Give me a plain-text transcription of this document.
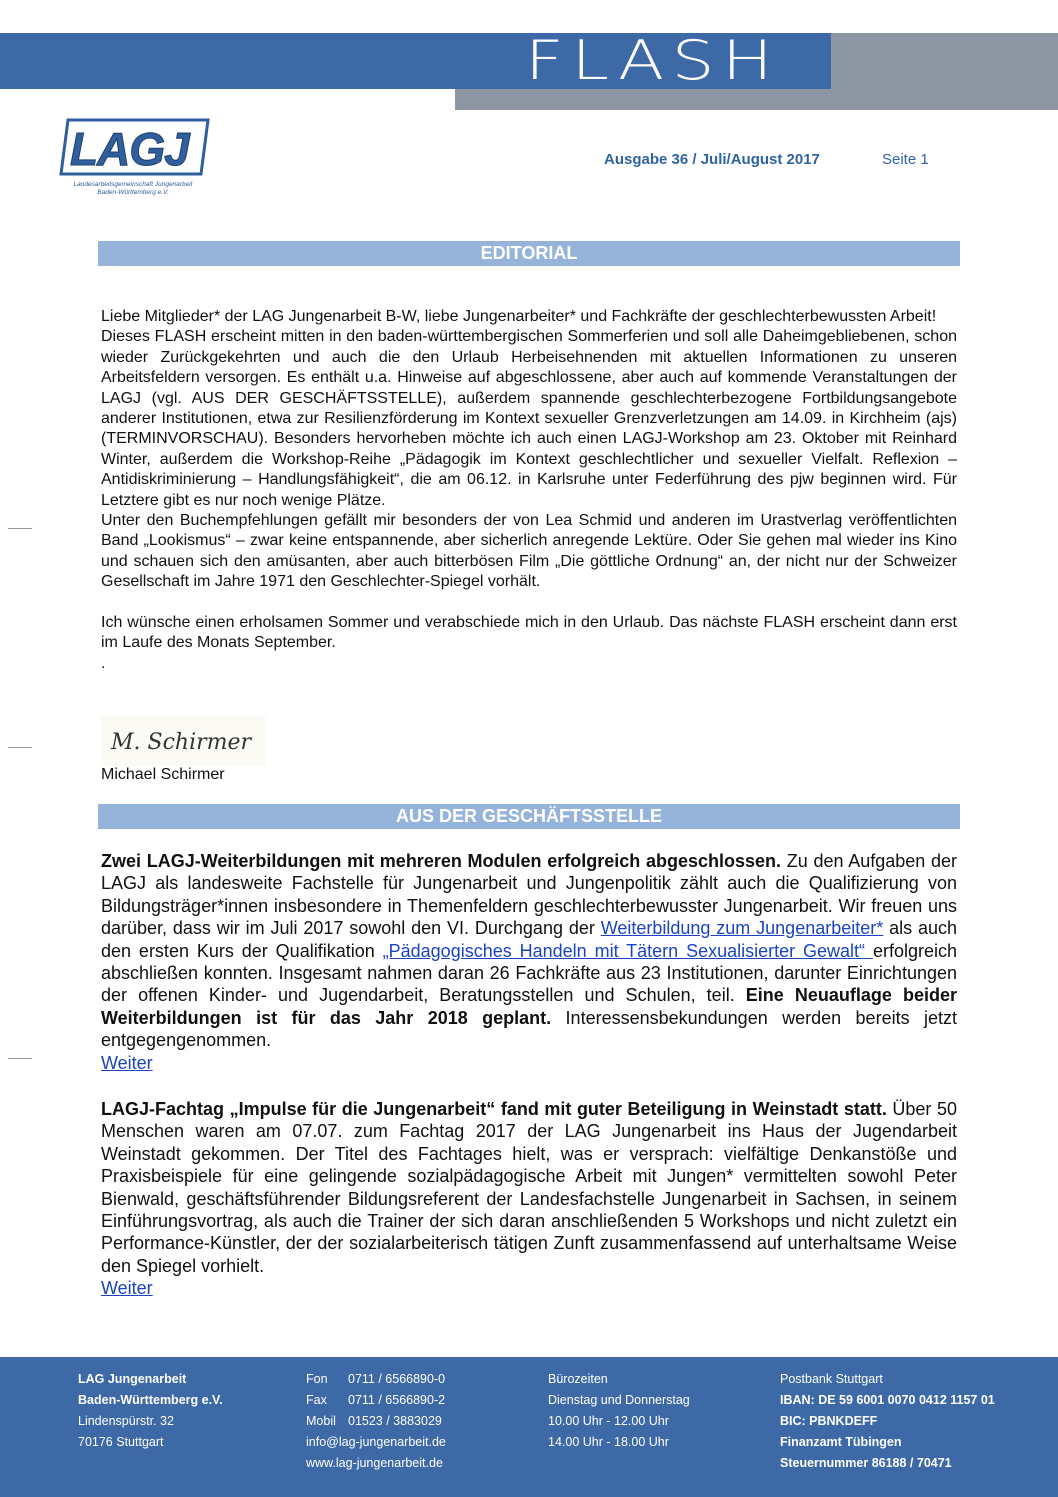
FLASH
LAGJ
Landesarbeitsgemeinschaft Jungenarbeit
Baden-Württemberg e.V.
Ausgabe 36 / Juli/August 2017	Seite 1
EDITORIAL

Liebe Mitglieder* der LAG Jungenarbeit B-W, liebe Jungenarbeiter* und Fachkräfte der geschlechterbewussten Arbeit!

Dieses FLASH erscheint mitten in den baden-württembergischen Sommerferien und soll alle Daheimgebliebenen, schon wieder Zurückgekehrten und auch die den Urlaub Herbeisehnenden mit aktuellen Informationen zu unseren Arbeitsfeldern versorgen. Es enthält u.a. Hinweise auf abgeschlossene, aber auch auf kommende Veranstaltungen der LAGJ (vgl. AUS DER GESCHÄFTSSTELLE), außerdem spannende geschlechterbezogene Fortbildungsangebote anderer Institutionen, etwa zur Resilienzförderung im Kontext sexueller Grenzverletzungen am 14.09. in Kirchheim (ajs) (TERMINVORSCHAU). Besonders hervorheben möchte ich auch einen LAGJ-Workshop am 23. Oktober mit Reinhard Winter, außerdem die Workshop-Reihe „Pädagogik im Kontext geschlechtlicher und sexueller Vielfalt. Reflexion – Antidiskriminierung – Handlungsfähigkeit“, die am 06.12. in Karlsruhe unter Federführung des pjw beginnen wird. Für Letztere gibt es nur noch wenige Plätze.

Unter den Buchempfehlungen gefällt mir besonders der von Lea Schmid und anderen im Urastverlag veröffentlichten Band „Lookismus“ – zwar keine entspannende, aber sicherlich anregende Lektüre. Oder Sie gehen mal wieder ins Kino und schauen sich den amüsanten, aber auch bitterbösen Film „Die göttliche Ordnung“ an, der nicht nur der Schweizer Gesellschaft im Jahre 1971 den Geschlechter-Spiegel vorhält.

Ich wünsche einen erholsamen Sommer und verabschiede mich in den Urlaub. Das nächste FLASH erscheint dann erst im Laufe des Monats September.

.

M. Schirmer
Michael Schirmer
AUS DER GESCHÄFTSSTELLE
Zwei LAGJ-Weiterbildungen mit mehreren Modulen erfolgreich abgeschlossen. Zu den Aufgaben der LAGJ als landesweite Fachstelle für Jungenarbeit und Jungenpolitik zählt auch die Qualifizierung von Bildungsträger*innen insbesondere in Themenfeldern geschlechterbewusster Jungenarbeit. Wir freuen uns darüber, dass wir im Juli 2017 sowohl den VI. Durchgang der Weiterbildung zum Jungenarbeiter* als auch den ersten Kurs der Qualifikation „Pädagogisches Handeln mit Tätern Sexualisierter Gewalt“ erfolgreich abschließen konnten. Insgesamt nahmen daran 26 Fachkräfte aus 23 Institutionen, darunter Einrichtungen der offenen Kinder- und Jugendarbeit, Beratungsstellen und Schulen, teil. Eine Neuauflage beider Weiterbildungen ist für das Jahr 2018 geplant. Interessensbekundungen werden bereits jetzt entgegengenommen.
Weiter
LAGJ-Fachtag „Impulse für die Jungenarbeit“ fand mit guter Beteiligung in Weinstadt statt. Über 50 Menschen waren am 07.07. zum Fachtag 2017 der LAG Jungenarbeit ins Haus der Jugendarbeit Weinstadt gekommen. Der Titel des Fachtages hielt, was er versprach: vielfältige Denkanstöße und Praxisbeispiele für eine gelingende sozialpädagogische Arbeit mit Jungen* vermittelten sowohl Peter Bienwald, geschäftsführender Bildungsreferent der Landesfachstelle Jungenarbeit in Sachsen, in seinem Einführungsvortrag, als auch die Trainer der sich daran anschließenden 5 Workshops und nicht zuletzt ein Performance-Künstler, der der sozialarbeiterisch tätigen Zunft zusammenfassend auf unterhaltsame Weise den Spiegel vorhielt.
Weiter
LAG Jungenarbeit
Baden-Württemberg e.V.
Lindenspürstr. 32
70176 Stuttgart
Fon 0711 / 6566890-0
Fax 0711 / 6566890-2
Mobil 01523 / 3883029
info@lag-jungenarbeit.de
www.lag-jungenarbeit.de
Bürozeiten
Dienstag und Donnerstag
10.00 Uhr - 12.00 Uhr
14.00 Uhr - 18.00 Uhr
Postbank Stuttgart
IBAN: DE 59 6001 0070 0412 1157 01
BIC: PBNKDEFF
Finanzamt Tübingen
Steuernummer 86188 / 70471
